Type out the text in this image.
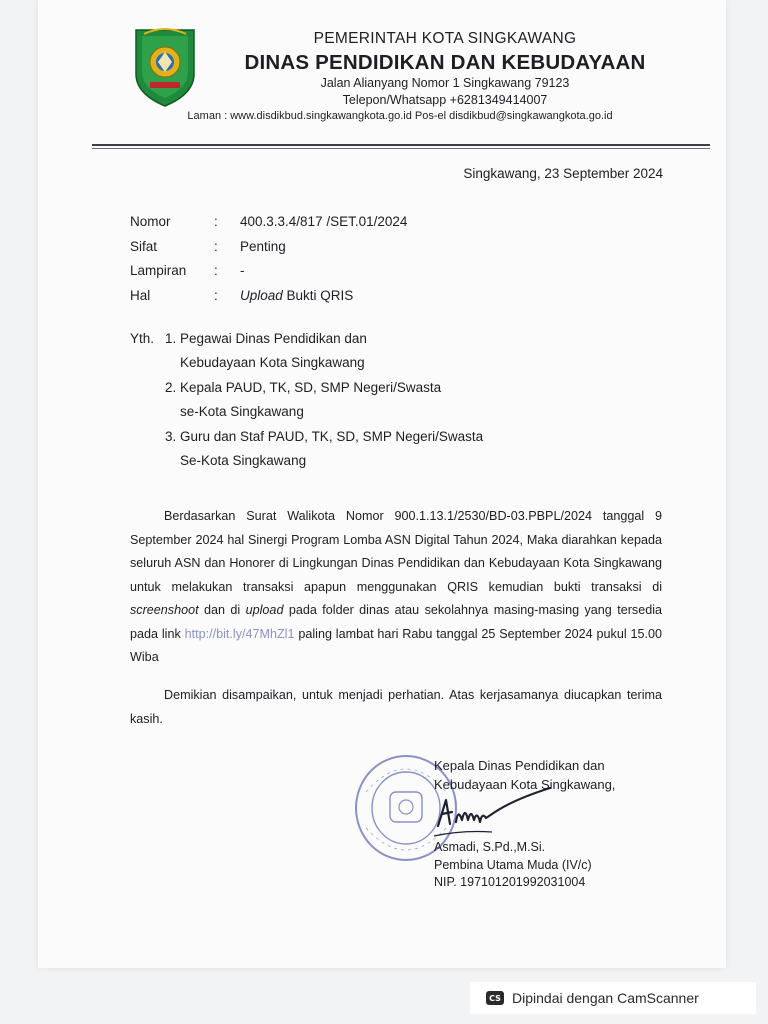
PEMERINTAH KOTA SINGKAWANG
DINAS PENDIDIKAN DAN KEBUDAYAAN
Jalan Alianyang Nomor 1 Singkawang 79123
Telepon/Whatsapp +6281349414007
Laman : www.disdikbud.singkawangkota.go.id Pos-el disdikbud@singkawangkota.go.id
Singkawang, 23 September 2024
Nomor	: 400.3.3.4/817 /SET.01/2024
Sifat	: Penting
Lampiran	: -
Hal	: Upload Bukti QRIS
Yth. 1. Pegawai Dinas Pendidikan dan
Kebudayaan Kota Singkawang
2. Kepala PAUD, TK, SD, SMP Negeri/Swasta
se-Kota Singkawang
3. Guru dan Staf PAUD, TK, SD, SMP Negeri/Swasta
Se-Kota Singkawang

Berdasarkan Surat Walikota Nomor 900.1.13.1/2530/BD-03.PBPL/2024 tanggal 9 September 2024 hal Sinergi Program Lomba ASN Digital Tahun 2024, Maka diarahkan kepada seluruh ASN dan Honorer di Lingkungan Dinas Pendidikan dan Kebudayaan Kota Singkawang untuk melakukan transaksi apapun menggunakan QRIS kemudian bukti transaksi di screenshoot dan di upload pada folder dinas atau sekolahnya masing-masing yang tersedia pada link http://bit.ly/47MhZl1 paling lambat hari Rabu tanggal 25 September 2024 pukul 15.00 Wiba

Demikian disampaikan, untuk menjadi perhatian. Atas kerjasamanya diucapkan terima kasih.

Kepala Dinas Pendidikan dan
Kebudayaan Kota Singkawang,
Asmadi, S.Pd.,M.Si.
Pembina Utama Muda (IV/c)
NIP. 197101201992031004
CS Dipindai dengan CamScanner
